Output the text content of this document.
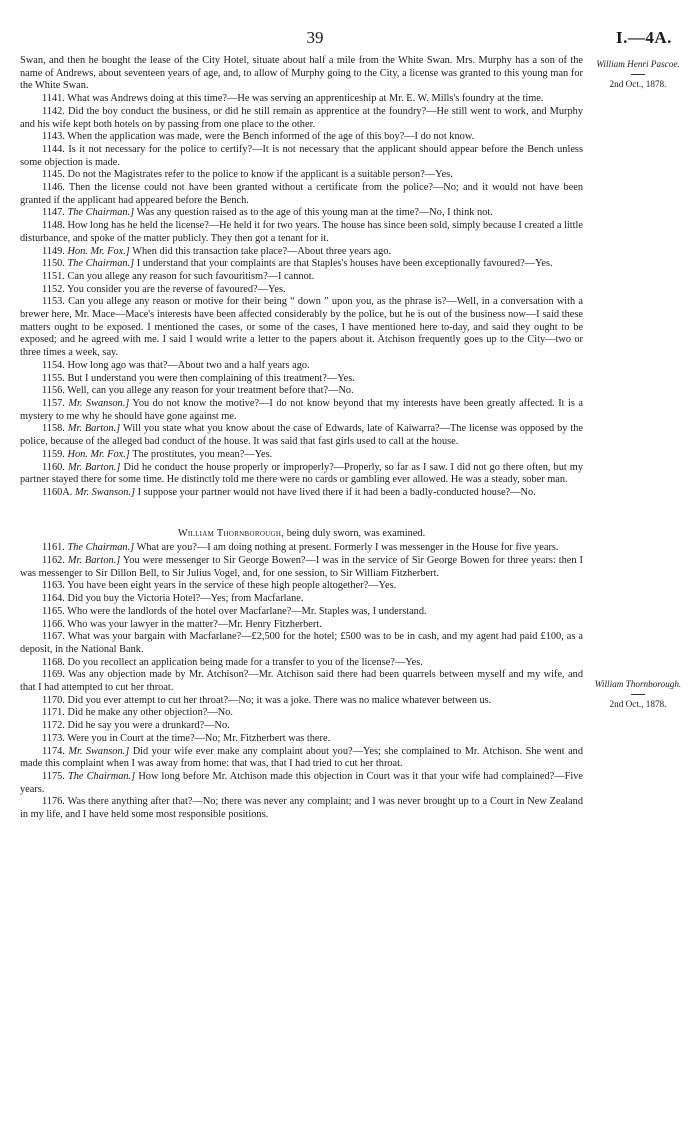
39	I.—4A.
William Henri Pascoe.
2nd Oct., 1878.
William Thornborough.
2nd Oct., 1878.

Swan, and then he bought the lease of the City Hotel, situate about half a mile from the White Swan. Mrs. Murphy has a son of the name of Andrews, about seventeen years of age, and, to allow of Murphy going to the City, a license was granted to this young man for the White Swan.

1141. What was Andrews doing at this time?—He was serving an apprenticeship at Mr. E. W. Mills's foundry at the time.

1142. Did the boy conduct the business, or did he still remain as apprentice at the foundry?—He still went to work, and Murphy and his wife kept both hotels on by passing from one place to the other.

1143. When the application was made, were the Bench informed of the age of this boy?—I do not know.

1144. Is it not necessary for the police to certify?—It is not necessary that the applicant should appear before the Bench unless some objection is made.

1145. Do not the Magistrates refer to the police to know if the applicant is a suitable person?—Yes.

1146. Then the license could not have been granted without a certificate from the police?—No; and it would not have been granted if the applicant had appeared before the Bench.

1147. The Chairman.] Was any question raised as to the age of this young man at the time?—No, I think not.

1148. How long has he held the license?—He held it for two years. The house has since been sold, simply because I created a little disturbance, and spoke of the matter publicly. They then got a tenant for it.

1149. Hon. Mr. Fox.] When did this transaction take place?—About three years ago.

1150. The Chairman.] I understand that your complaints are that Staples's houses have been exceptionally favoured?—Yes.

1151. Can you allege any reason for such favouritism?—I cannot.

1152. You consider you are the reverse of favoured?—Yes.

1153. Can you allege any reason or motive for their being “ down ” upon you, as the phrase is?—Well, in a conversation with a brewer here, Mr. Mace—Mace's interests have been affected considerably by the police, but he is out of the business now—I said these matters ought to be exposed. I mentioned the cases, or some of the cases, I have mentioned here to-day, and said they ought to be exposed; and he agreed with me. I said I would write a letter to the papers about it. Atchison frequently goes up to the City—two or three times a week, say.

1154. How long ago was that?—About two and a half years ago.

1155. But I understand you were then complaining of this treatment?—Yes.

1156. Well, can you allege any reason for your treatment before that?—No.

1157. Mr. Swanson.] You do not know the motive?—I do not know beyond that my interests have been greatly affected. It is a mystery to me why he should have gone against me.

1158. Mr. Barton.] Will you state what you know about the case of Edwards, late of Kaiwarra?—The license was opposed by the police, because of the alleged bad conduct of the house. It was said that fast girls used to call at the house.

1159. Hon. Mr. Fox.] The prostitutes, you mean?—Yes.

1160. Mr. Barton.] Did he conduct the house properly or improperly?—Properly, so far as I saw. I did not go there often, but my partner stayed there for some time. He distinctly told me there were no cards or gambling ever allowed. He was a steady, sober man.

1160A. Mr. Swanson.] I suppose your partner would not have lived there if it had been a badly-conducted house?—No.

William Thornborough, being duly sworn, was examined.

1161. The Chairman.] What are you?—I am doing nothing at present. Formerly I was messenger in the House for five years.

1162. Mr. Barton.] You were messenger to Sir George Bowen?—I was in the service of Sir George Bowen for three years: then I was messenger to Sir Dillon Bell, to Sir Julius Vogel, and, for one session, to Sir William Fitzherbert.

1163. You have been eight years in the service of these high people altogether?—Yes.

1164. Did you buy the Victoria Hotel?—Yes; from Macfarlane.

1165. Who were the landlords of the hotel over Macfarlane?—Mr. Staples was, I understand.

1166. Who was your lawyer in the matter?—Mr. Henry Fitzherbert.

1167. What was your bargain with Macfarlane?—£2,500 for the hotel; £500 was to be in cash, and my agent had paid £100, as a deposit, in the National Bank.

1168. Do you recollect an application being made for a transfer to you of the license?—Yes.

1169. Was any objection made by Mr. Atchison?—Mr. Atchison said there had been quarrels between myself and my wife, and that I had attempted to cut her throat.

1170. Did you ever attempt to cut her throat?—No; it was a joke. There was no malice whatever between us.

1171. Did he make any other objection?—No.

1172. Did he say you were a drunkard?—No.

1173. Were you in Court at the time?—No; Mr. Fitzherbert was there.

1174. Mr. Swanson.] Did your wife ever make any complaint about you?—Yes; she complained to Mr. Atchison. She went and made this complaint when I was away from home: that was, that I had tried to cut her throat.

1175. The Chairman.] How long before Mr. Atchison made this objection in Court was it that your wife had complained?—Five years.

1176. Was there anything after that?—No; there was never any complaint; and I was never brought up to a Court in New Zealand in my life, and I have held some most responsible positions.
